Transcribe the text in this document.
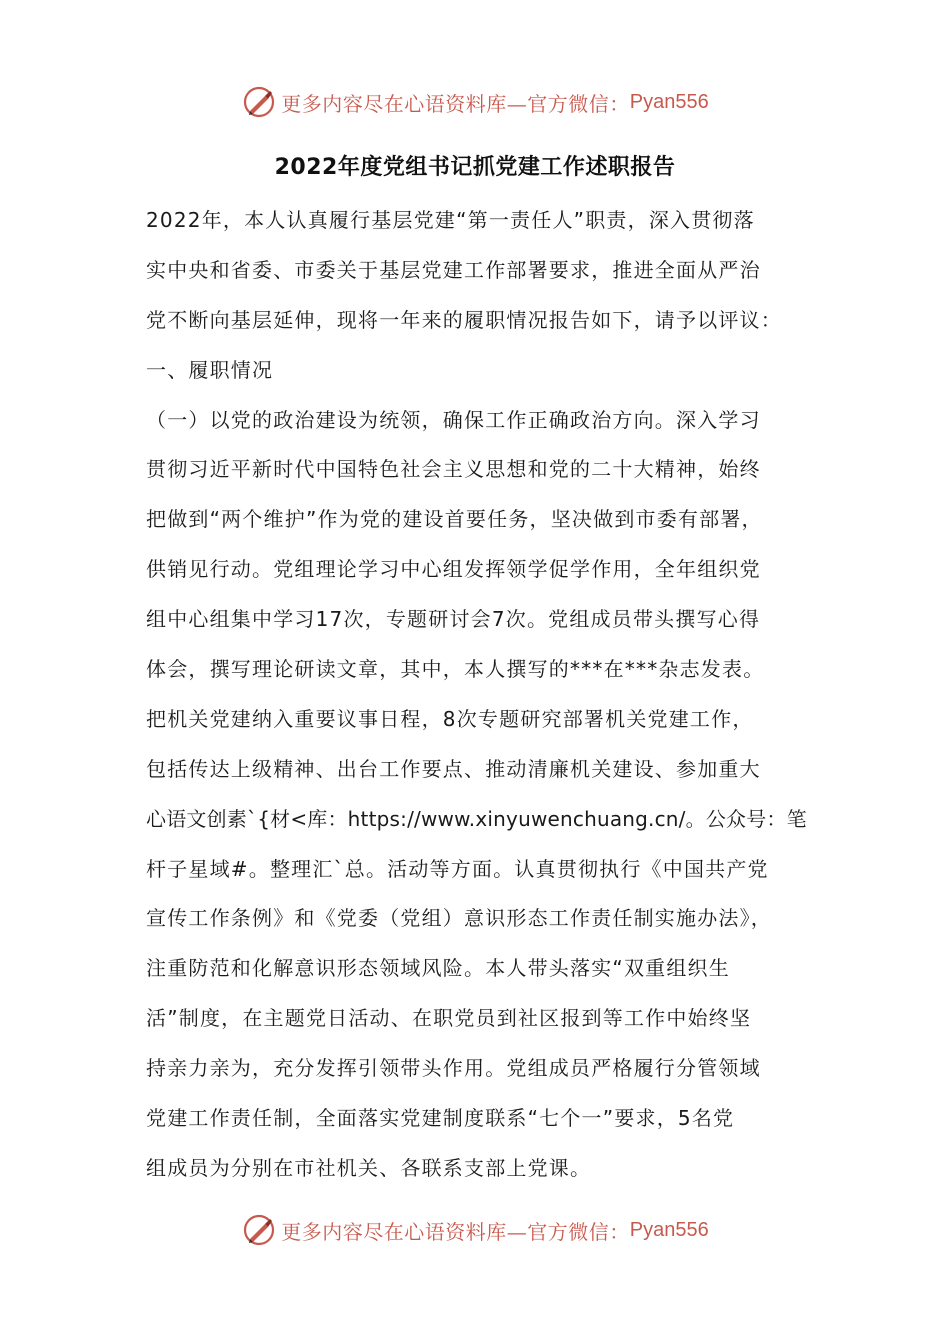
更多内容尽在心语资料库—官方微信： Pyan556
2022年度党组书记抓党建工作述职报告
2022年，本人认真履行基层党建“第一责任人”职责，深入贯彻落
实中央和省委、市委关于基层党建工作部署要求，推进全面从严治
党不断向基层延伸，现将一年来的履职情况报告如下，请予以评议：
一、履职情况
（一）以党的政治建设为统领，确保工作正确政治方向。深入学习
贯彻习近平新时代中国特色社会主义思想和党的二十大精神，始终
把做到“两个维护”作为党的建设首要任务，坚决做到市委有部署，
供销见行动。党组理论学习中心组发挥领学促学作用，全年组织党
组中心组集中学习17次，专题研讨会7次。党组成员带头撰写心得
体会，撰写理论研读文章，其中，本人撰写的***在***杂志发表。
把机关党建纳入重要议事日程，8次专题研究部署机关党建工作，
包括传达上级精神、出台工作要点、推动清廉机关建设、参加重大
心语文创素`{材<库：https://www.xinyuwenchuang.cn/。公众号：笔
杆子星域#。整理汇`总。活动等方面。认真贯彻执行《中国共产党
宣传工作条例》和《党委（党组）意识形态工作责任制实施办法》，
注重防范和化解意识形态领域风险。本人带头落实“双重组织生
活”制度，在主题党日活动、在职党员到社区报到等工作中始终坚
持亲力亲为，充分发挥引领带头作用。党组成员严格履行分管领域
党建工作责任制，全面落实党建制度联系“七个一”要求，5名党
组成员为分别在市社机关、各联系支部上党课。
更多内容尽在心语资料库—官方微信： Pyan556
